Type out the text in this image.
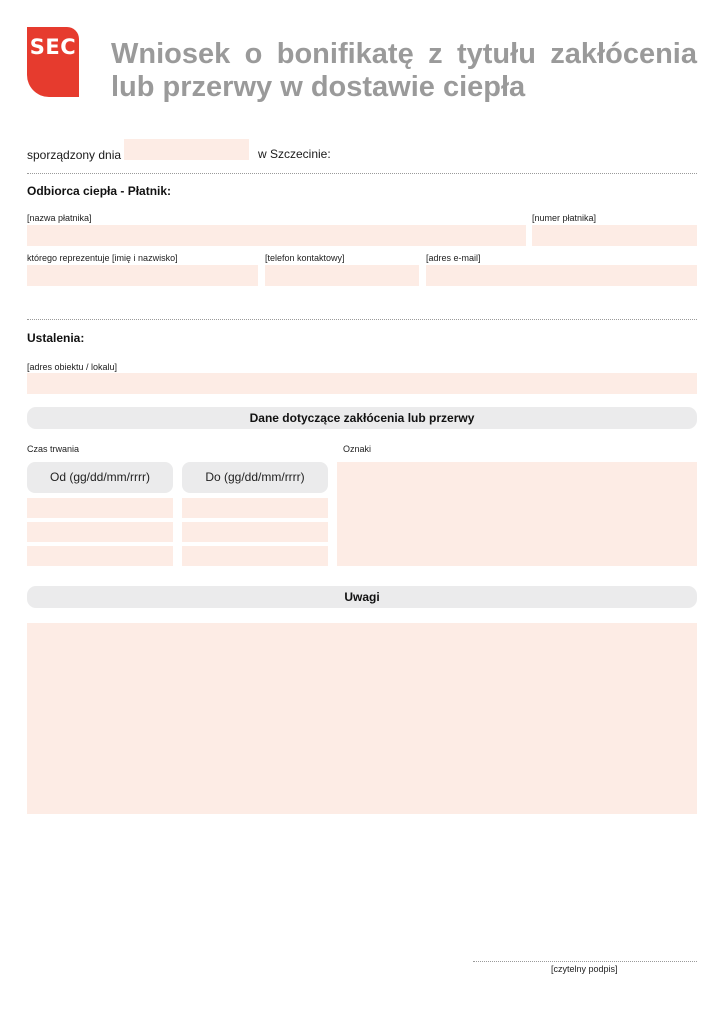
SEC Wniosek o bonifikatę z tytułu zakłócenia
lub przerwy w dostawie ciepła
sporządzony dnia	w Szczecinie:
Odbiorca ciepła - Płatnik:
[nazwa płatnika]	[numer płatnika]
którego reprezentuje [imię i nazwisko]	[telefon kontaktowy]	[adres e-mail]
Ustalenia:
[adres obiektu / lokalu]
Dane dotyczące zakłócenia lub przerwy
Czas trwania	Oznaki
Od (gg/dd/mm/rrrr)	Do (gg/dd/mm/rrrr)
Uwagi
[czytelny podpis]
